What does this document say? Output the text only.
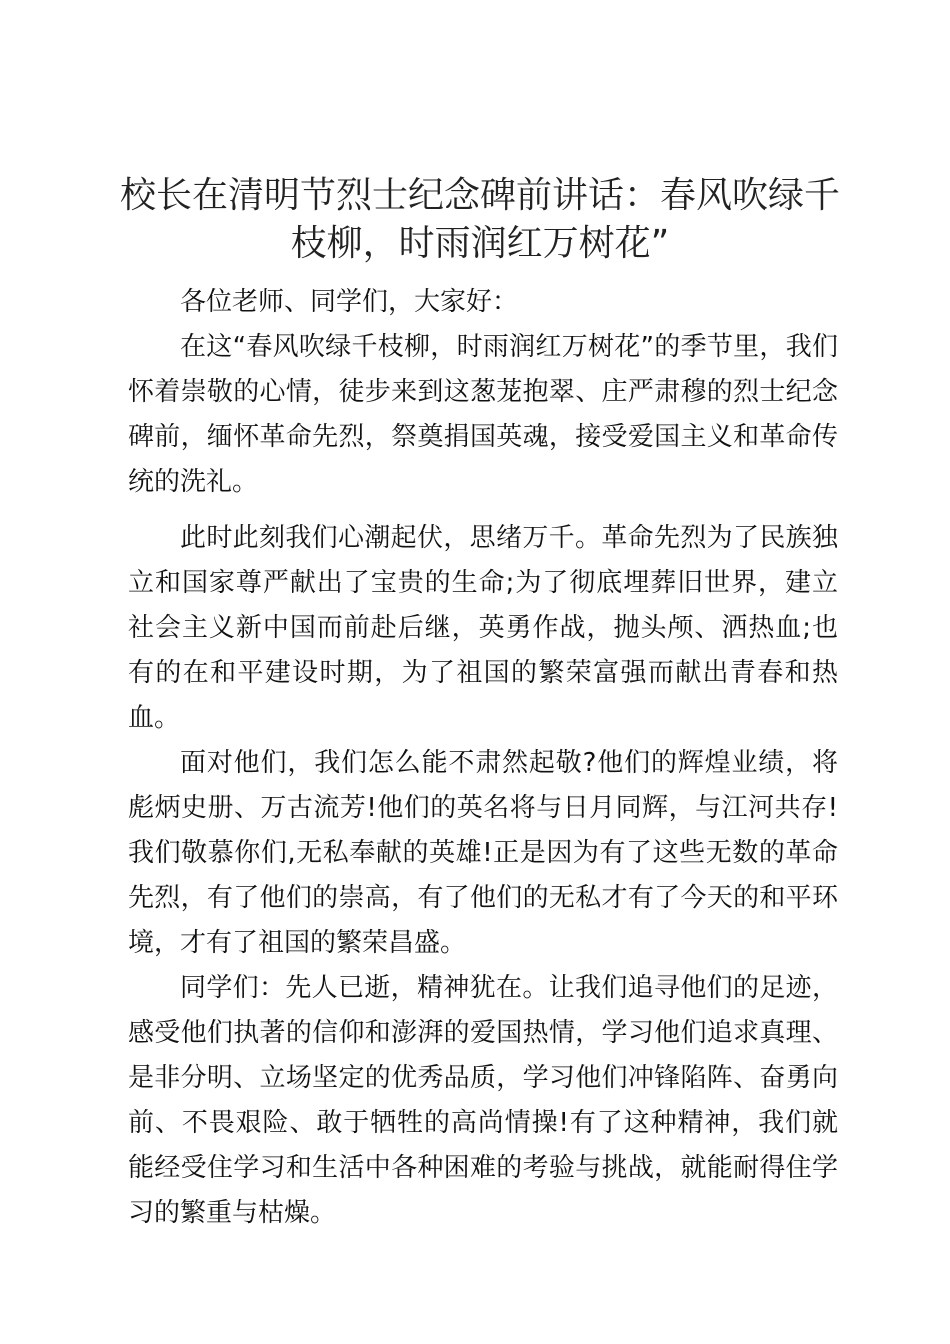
校长在清明节烈士纪念碑前讲话：春风吹绿千枝柳，时雨润红万树花”

各位老师、同学们，大家好：

在这“春风吹绿千枝柳，时雨润红万树花”的季节里，我们怀着崇敬的心情，徒步来到这葱茏抱翠、庄严肃穆的烈士纪念碑前，缅怀革命先烈，祭奠捐国英魂，接受爱国主义和革命传统的洗礼。

此时此刻我们心潮起伏，思绪万千。革命先烈为了民族独立和国家尊严献出了宝贵的生命;为了彻底埋葬旧世界，建立社会主义新中国而前赴后继，英勇作战，抛头颅、洒热血;也有的在和平建设时期，为了祖国的繁荣富强而献出青春和热血。

面对他们，我们怎么能不肃然起敬?他们的辉煌业绩，将彪炳史册、万古流芳!他们的英名将与日月同辉，与江河共存!我们敬慕你们,无私奉献的英雄!正是因为有了这些无数的革命先烈，有了他们的崇高，有了他们的无私才有了今天的和平环境，才有了祖国的繁荣昌盛。

同学们：先人已逝，精神犹在。让我们追寻他们的足迹，感受他们执著的信仰和澎湃的爱国热情，学习他们追求真理、是非分明、立场坚定的优秀品质，学习他们冲锋陷阵、奋勇向前、不畏艰险、敢于牺牲的高尚情操!有了这种精神，我们就能经受住学习和生活中各种困难的考验与挑战，就能耐得住学习的繁重与枯燥。
